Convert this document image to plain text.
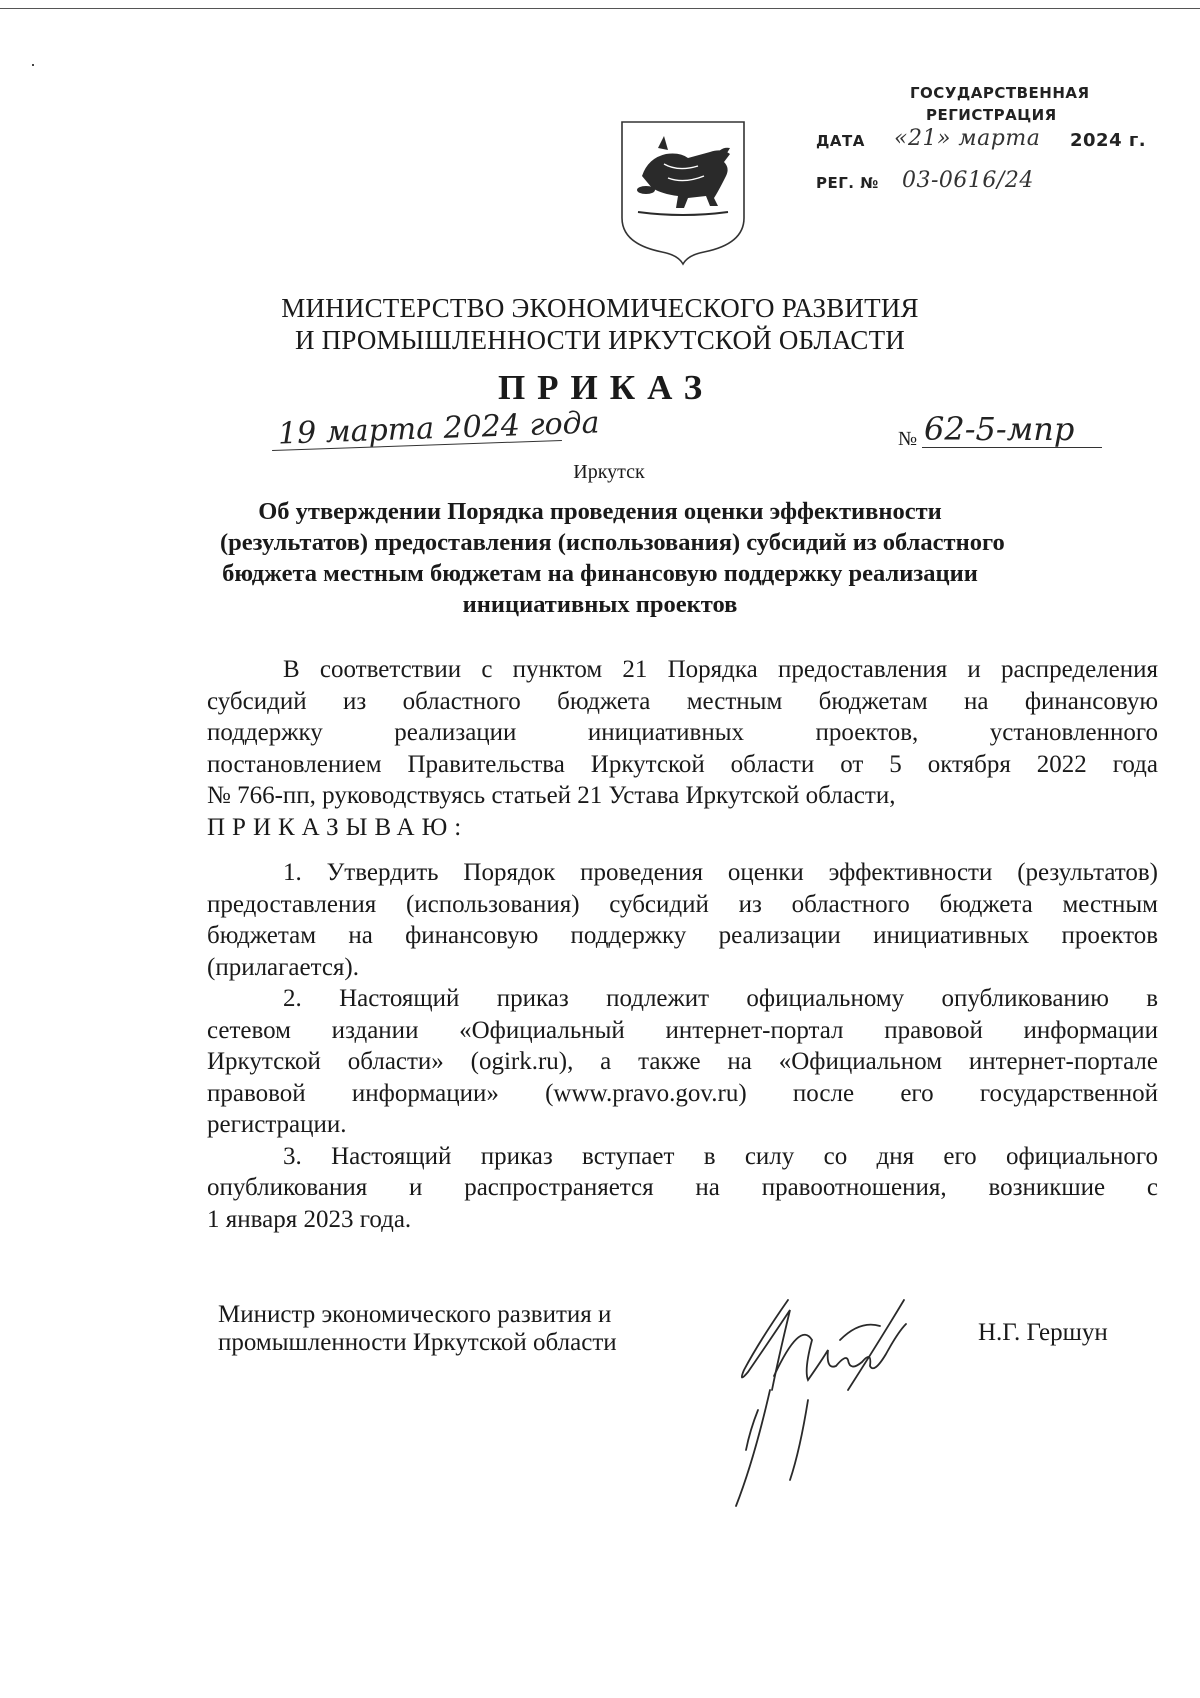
ГОСУДАРСТВЕННАЯ
РЕГИСТРАЦИЯ
ДАТА «21» марта 2024 г.
РЕГ. № 03-0616/24
МИНИСТЕРСТВО ЭКОНОМИЧЕСКОГО РАЗВИТИЯ
И ПРОМЫШЛЕННОСТИ ИРКУТСКОЙ ОБЛАСТИ
ПРИКАЗ
19 марта 2024 года	№ 62-5-мпр
Иркутск
Об утверждении Порядка проведения оценки эффективности
(результатов) предоставления (использования) субсидий из областного
бюджета местным бюджетам на финансовую поддержку реализации
инициативных проектов
В соответствии с пунктом 21 Порядка предоставления и распределения
субсидий из областного бюджета местным бюджетам на финансовую
поддержку реализации инициативных проектов, установленного
постановлением Правительства Иркутской области от 5 октября 2022 года
№ 766-пп, руководствуясь статьей 21 Устава Иркутской области,
ПРИКАЗЫВАЮ:
1. Утвердить Порядок проведения оценки эффективности (результатов)
предоставления (использования) субсидий из областного бюджета местным
бюджетам на финансовую поддержку реализации инициативных проектов
(прилагается).
2. Настоящий приказ подлежит официальному опубликованию в
сетевом издании «Официальный интернет-портал правовой информации
Иркутской области» (ogirk.ru), а также на «Официальном интернет-портале
правовой информации» (www.pravo.gov.ru) после его государственной
регистрации.
3. Настоящий приказ вступает в силу со дня его официального
опубликования и распространяется на правоотношения, возникшие с
1 января 2023 года.
Министр экономического развития и
промышленности Иркутской области	Н.Г. Гершун
